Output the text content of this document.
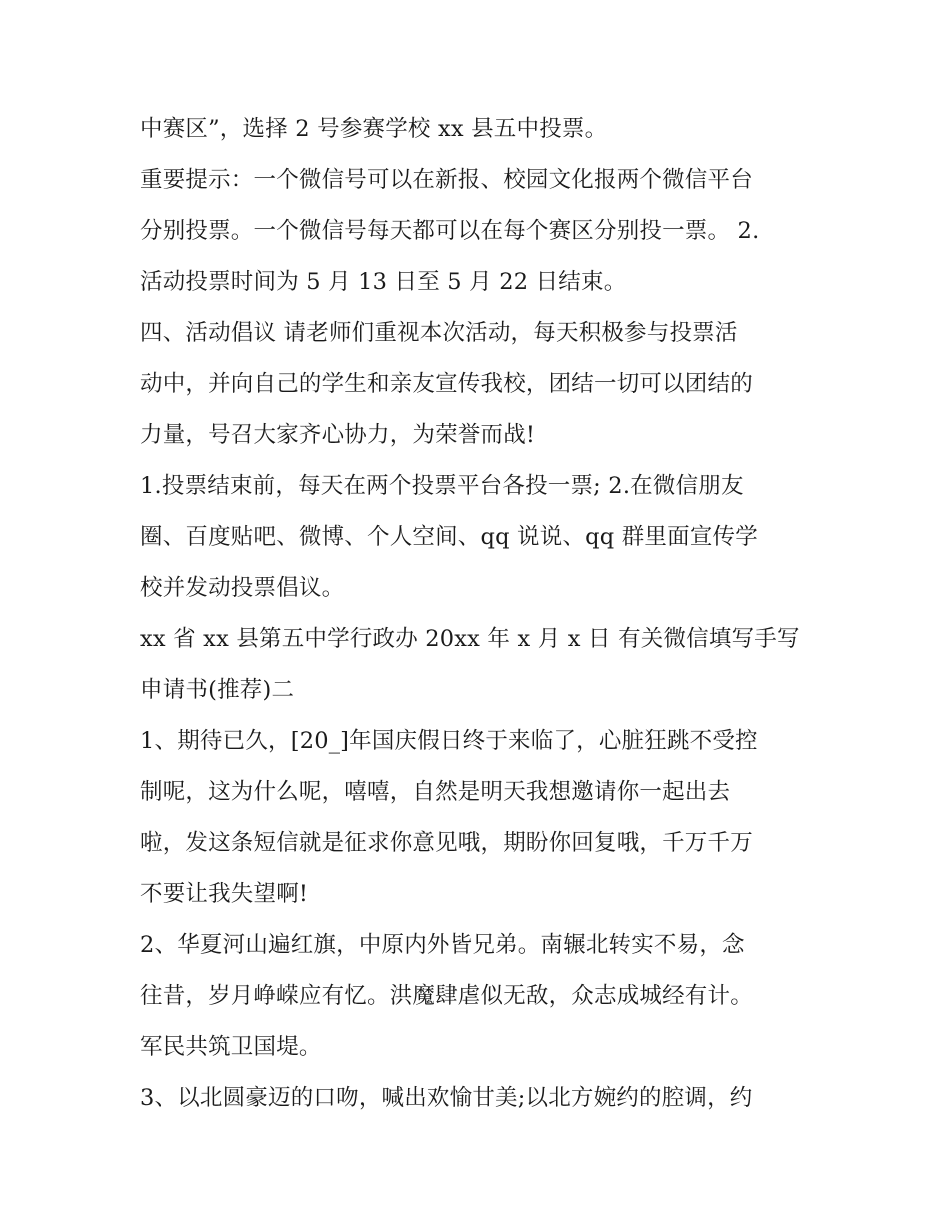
中赛区”，选择 2 号参赛学校 xx 县五中投票。
重要提示：一个微信号可以在新报、校园文化报两个微信平台
分别投票。一个微信号每天都可以在每个赛区分别投一票。 2.
活动投票时间为 5 月 13 日至 5 月 22 日结束。
四、活动倡议 请老师们重视本次活动，每天积极参与投票活
动中，并向自己的学生和亲友宣传我校，团结一切可以团结的
力量，号召大家齐心协力，为荣誉而战!
1.投票结束前，每天在两个投票平台各投一票; 2.在微信朋友
圈、百度贴吧、微博、个人空间、qq 说说、qq 群里面宣传学
校并发动投票倡议。
xx 省 xx 县第五中学行政办 20xx 年 x 月 x 日 有关微信填写手写
申请书(推荐)二
1、期待已久，[20_]年国庆假日终于来临了，心脏狂跳不受控
制呢，这为什么呢，嘻嘻，自然是明天我想邀请你一起出去
啦，发这条短信就是征求你意见哦，期盼你回复哦，千万千万
不要让我失望啊!
2、华夏河山遍红旗，中原内外皆兄弟。南辗北转实不易，念
往昔，岁月峥嵘应有忆。洪魔肆虐似无敌，众志成城经有计。
军民共筑卫国堤。
3、以北圆豪迈的口吻，喊出欢愉甘美;以北方婉约的腔调，约
